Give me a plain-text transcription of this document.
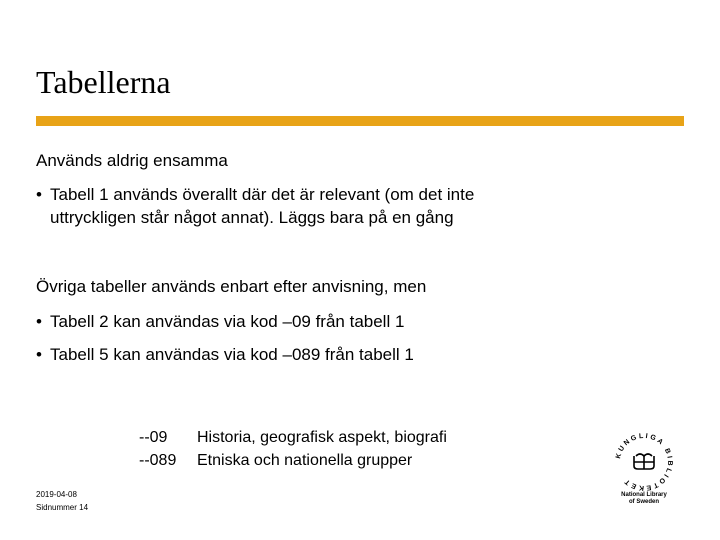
Tabellerna
Används aldrig ensamma
• Tabell 1 används överallt där det är relevant (om det inte
uttryckligen står något annat). Läggs bara på en gång
Övriga tabeller används enbart efter anvisning, men
• Tabell 2 kan användas via kod –09 från tabell 1
• Tabell 5 kan användas via kod –089 från tabell 1
--09 Historia, geografisk aspekt, biografi
--089 Etniska och nationella grupper
2019-04-08
Sidnummer 14
KUNGLIGA BIBLIOTEKET
National Library
of Sweden
